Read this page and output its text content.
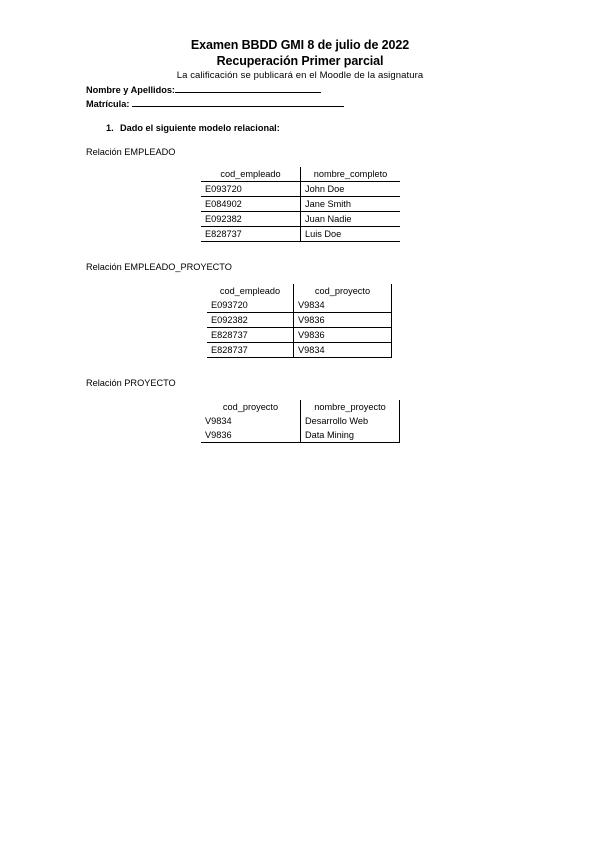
Examen BBDD GMI 8 de julio de 2022
Recuperación Primer parcial
La calificación se publicará en el Moodle de la asignatura
Nombre y Apellidos:
Matrícula:
1. Dado el siguiente modelo relacional:
Relación EMPLEADO
cod_empleado	nombre_completo
E093720	John Doe
E084902	Jane Smith
E092382	Juan Nadie
E828737	Luis Doe
Relación EMPLEADO_PROYECTO
cod_empleado	cod_proyecto
E093720	V9834
E092382	V9836
E828737	V9836
E828737	V9834
Relación PROYECTO
cod_proyecto	nombre_proyecto
V9834	Desarrollo Web
V9836	Data Mining
